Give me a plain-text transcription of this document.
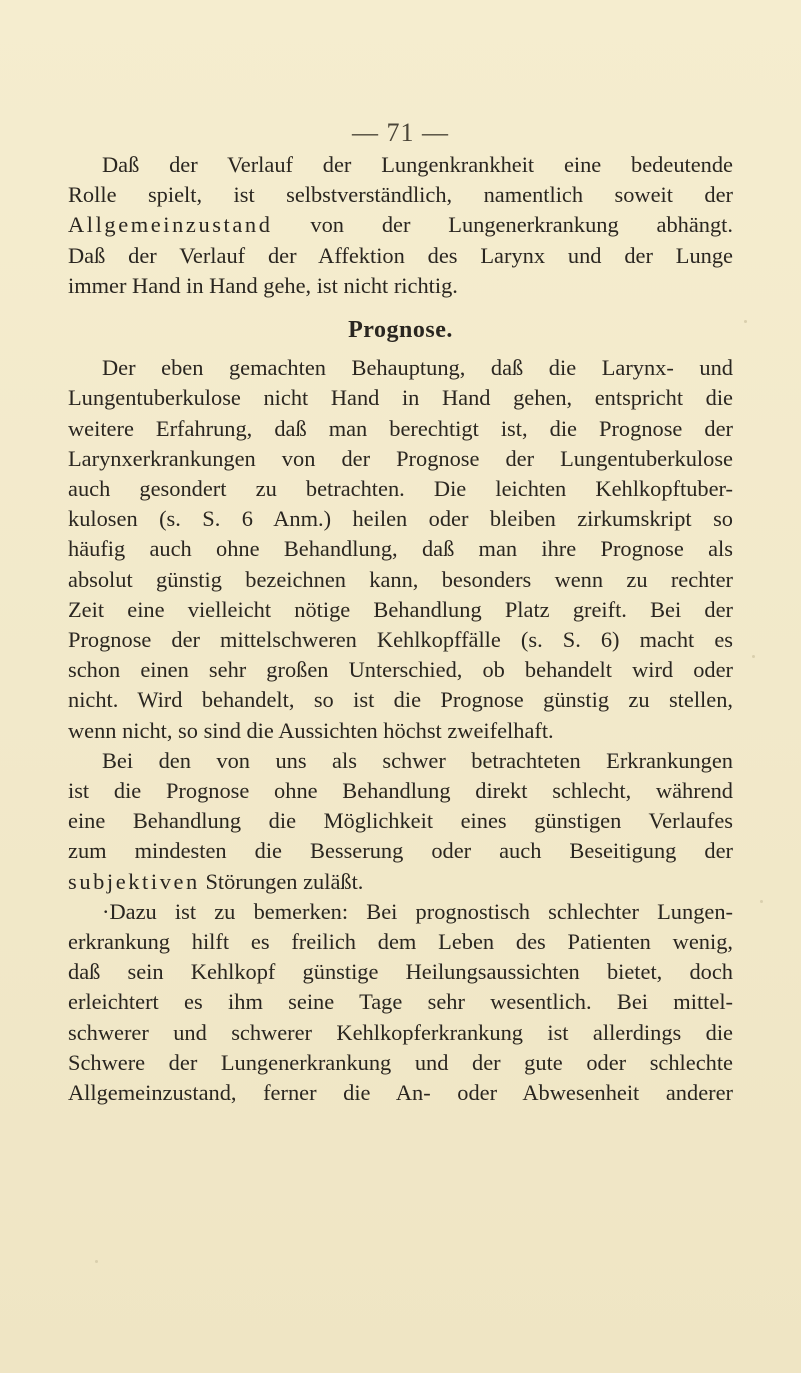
— 71 —
Daß der Verlauf der Lungenkrankheit eine bedeutende
Rolle spielt, ist selbstverständlich, namentlich soweit der
Allgemeinzustand von der Lungenerkrankung abhängt.
Daß der Verlauf der Affektion des Larynx und der Lunge
immer Hand in Hand gehe, ist nicht richtig.
Prognose.
Der eben gemachten Behauptung, daß die Larynx- und
Lungentuberkulose nicht Hand in Hand gehen, entspricht die
weitere Erfahrung, daß man berechtigt ist, die Prognose der
Larynxerkrankungen von der Prognose der Lungentuberkulose
auch gesondert zu betrachten. Die leichten Kehlkopftuber-
kulosen (s. S. 6 Anm.) heilen oder bleiben zirkumskript so
häufig auch ohne Behandlung, daß man ihre Prognose als
absolut günstig bezeichnen kann, besonders wenn zu rechter
Zeit eine vielleicht nötige Behandlung Platz greift. Bei der
Prognose der mittelschweren Kehlkopffälle (s. S. 6) macht es
schon einen sehr großen Unterschied, ob behandelt wird oder
nicht. Wird behandelt, so ist die Prognose günstig zu stellen,
wenn nicht, so sind die Aussichten höchst zweifelhaft.
Bei den von uns als schwer betrachteten Erkrankungen
ist die Prognose ohne Behandlung direkt schlecht, während
eine Behandlung die Möglichkeit eines günstigen Verlaufes
zum mindesten die Besserung oder auch Beseitigung der
subjektiven Störungen zuläßt.
·Dazu ist zu bemerken: Bei prognostisch schlechter Lungen-
erkrankung hilft es freilich dem Leben des Patienten wenig,
daß sein Kehlkopf günstige Heilungsaussichten bietet, doch
erleichtert es ihm seine Tage sehr wesentlich. Bei mittel-
schwerer und schwerer Kehlkopferkrankung ist allerdings die
Schwere der Lungenerkrankung und der gute oder schlechte
Allgemeinzustand, ferner die An- oder Abwesenheit anderer
